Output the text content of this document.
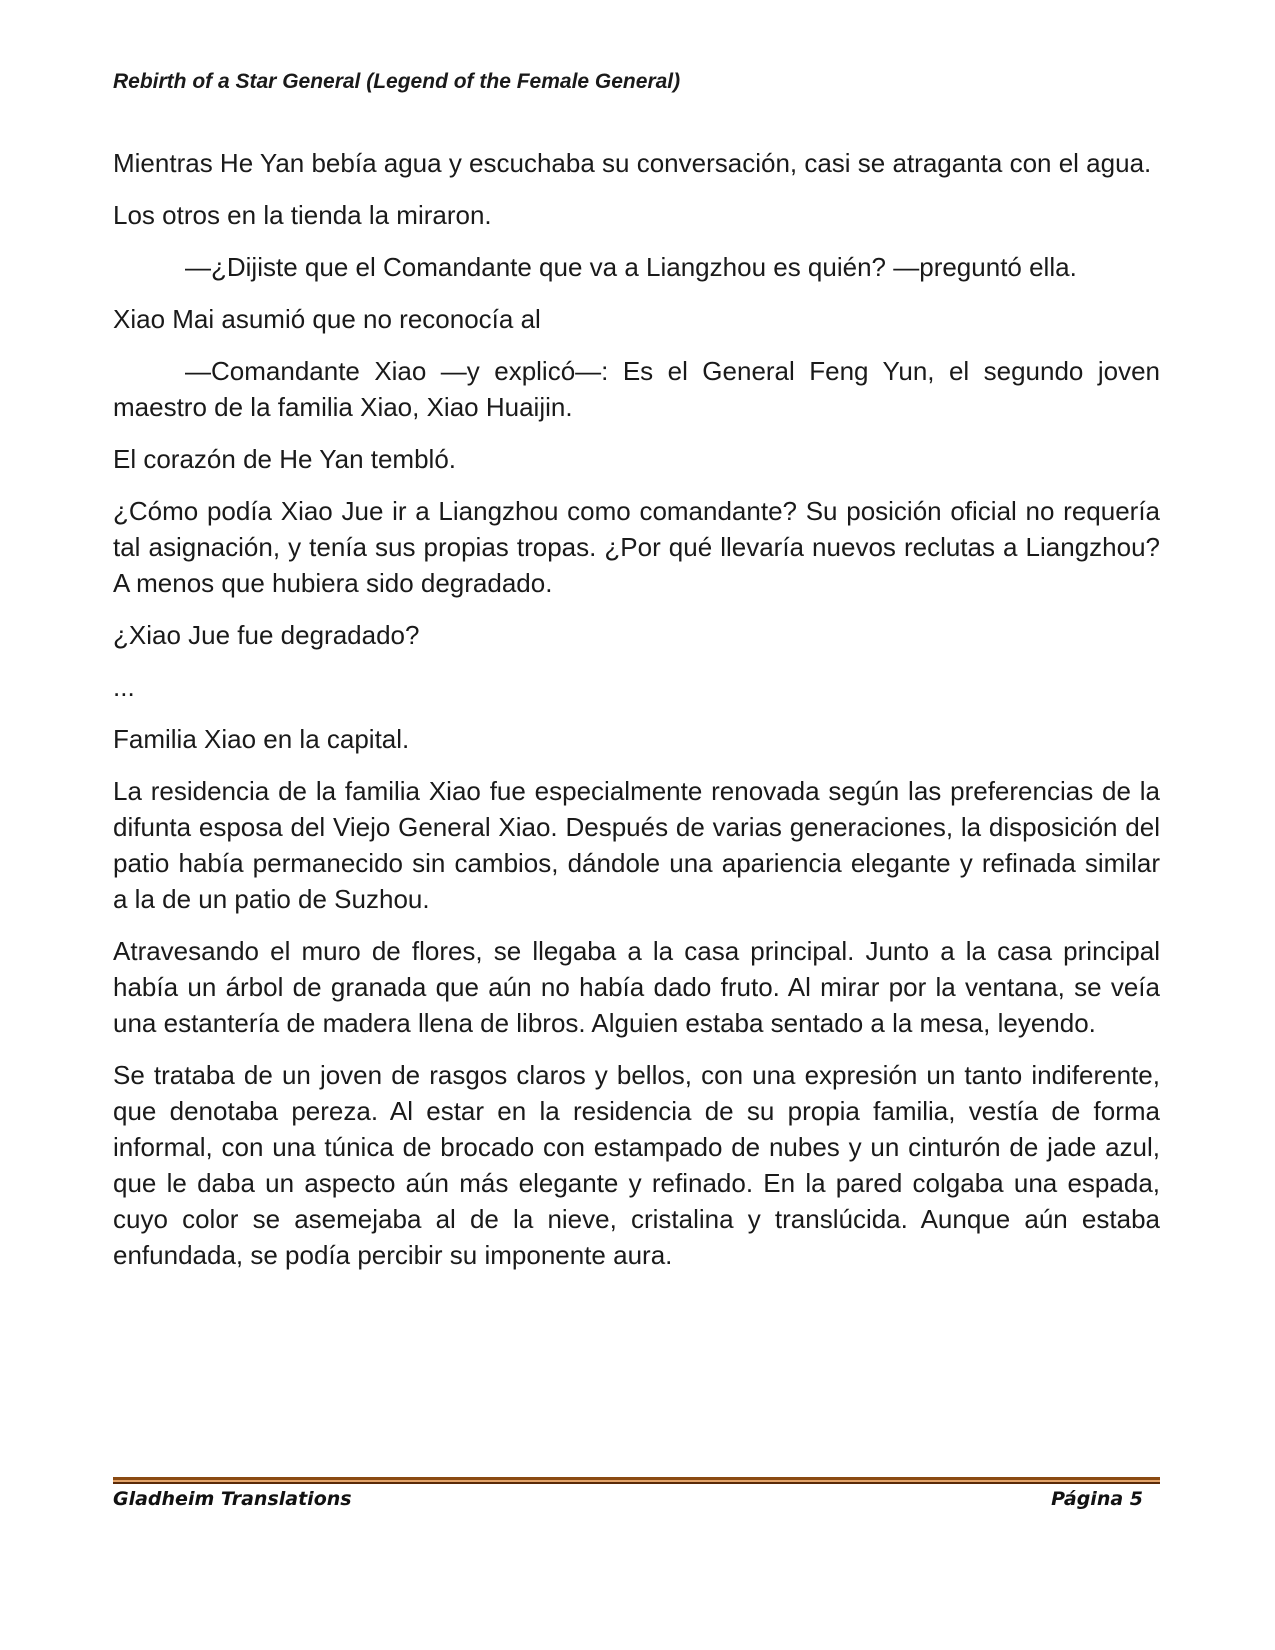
Rebirth of a Star General (Legend of the Female General)

Mientras He Yan bebía agua y escuchaba su conversación, casi se atraganta con el agua.

Los otros en la tienda la miraron.

—¿Dijiste que el Comandante que va a Liangzhou es quién? —preguntó ella.

Xiao Mai asumió que no reconocía al

—Comandante Xiao —y explicó—: Es el General Feng Yun, el segundo joven maestro de la familia Xiao, Xiao Huaijin.

El corazón de He Yan tembló.

¿Cómo podía Xiao Jue ir a Liangzhou como comandante? Su posición oficial no requería tal asignación, y tenía sus propias tropas. ¿Por qué llevaría nuevos reclutas a Liangzhou? A menos que hubiera sido degradado.

¿Xiao Jue fue degradado?

...

Familia Xiao en la capital.

La residencia de la familia Xiao fue especialmente renovada según las preferencias de la difunta esposa del Viejo General Xiao. Después de varias generaciones, la disposición del patio había permanecido sin cambios, dándole una apariencia elegante y refinada similar a la de un patio de Suzhou.

Atravesando el muro de flores, se llegaba a la casa principal. Junto a la casa principal había un árbol de granada que aún no había dado fruto. Al mirar por la ventana, se veía una estantería de madera llena de libros. Alguien estaba sentado a la mesa, leyendo.

Se trataba de un joven de rasgos claros y bellos, con una expresión un tanto indiferente, que denotaba pereza. Al estar en la residencia de su propia familia, vestía de forma informal, con una túnica de brocado con estampado de nubes y un cinturón de jade azul, que le daba un aspecto aún más elegante y refinado. En la pared colgaba una espada, cuyo color se asemejaba al de la nieve, cristalina y translúcida. Aunque aún estaba enfundada, se podía percibir su imponente aura.

Gladheim Translations	Página 5
